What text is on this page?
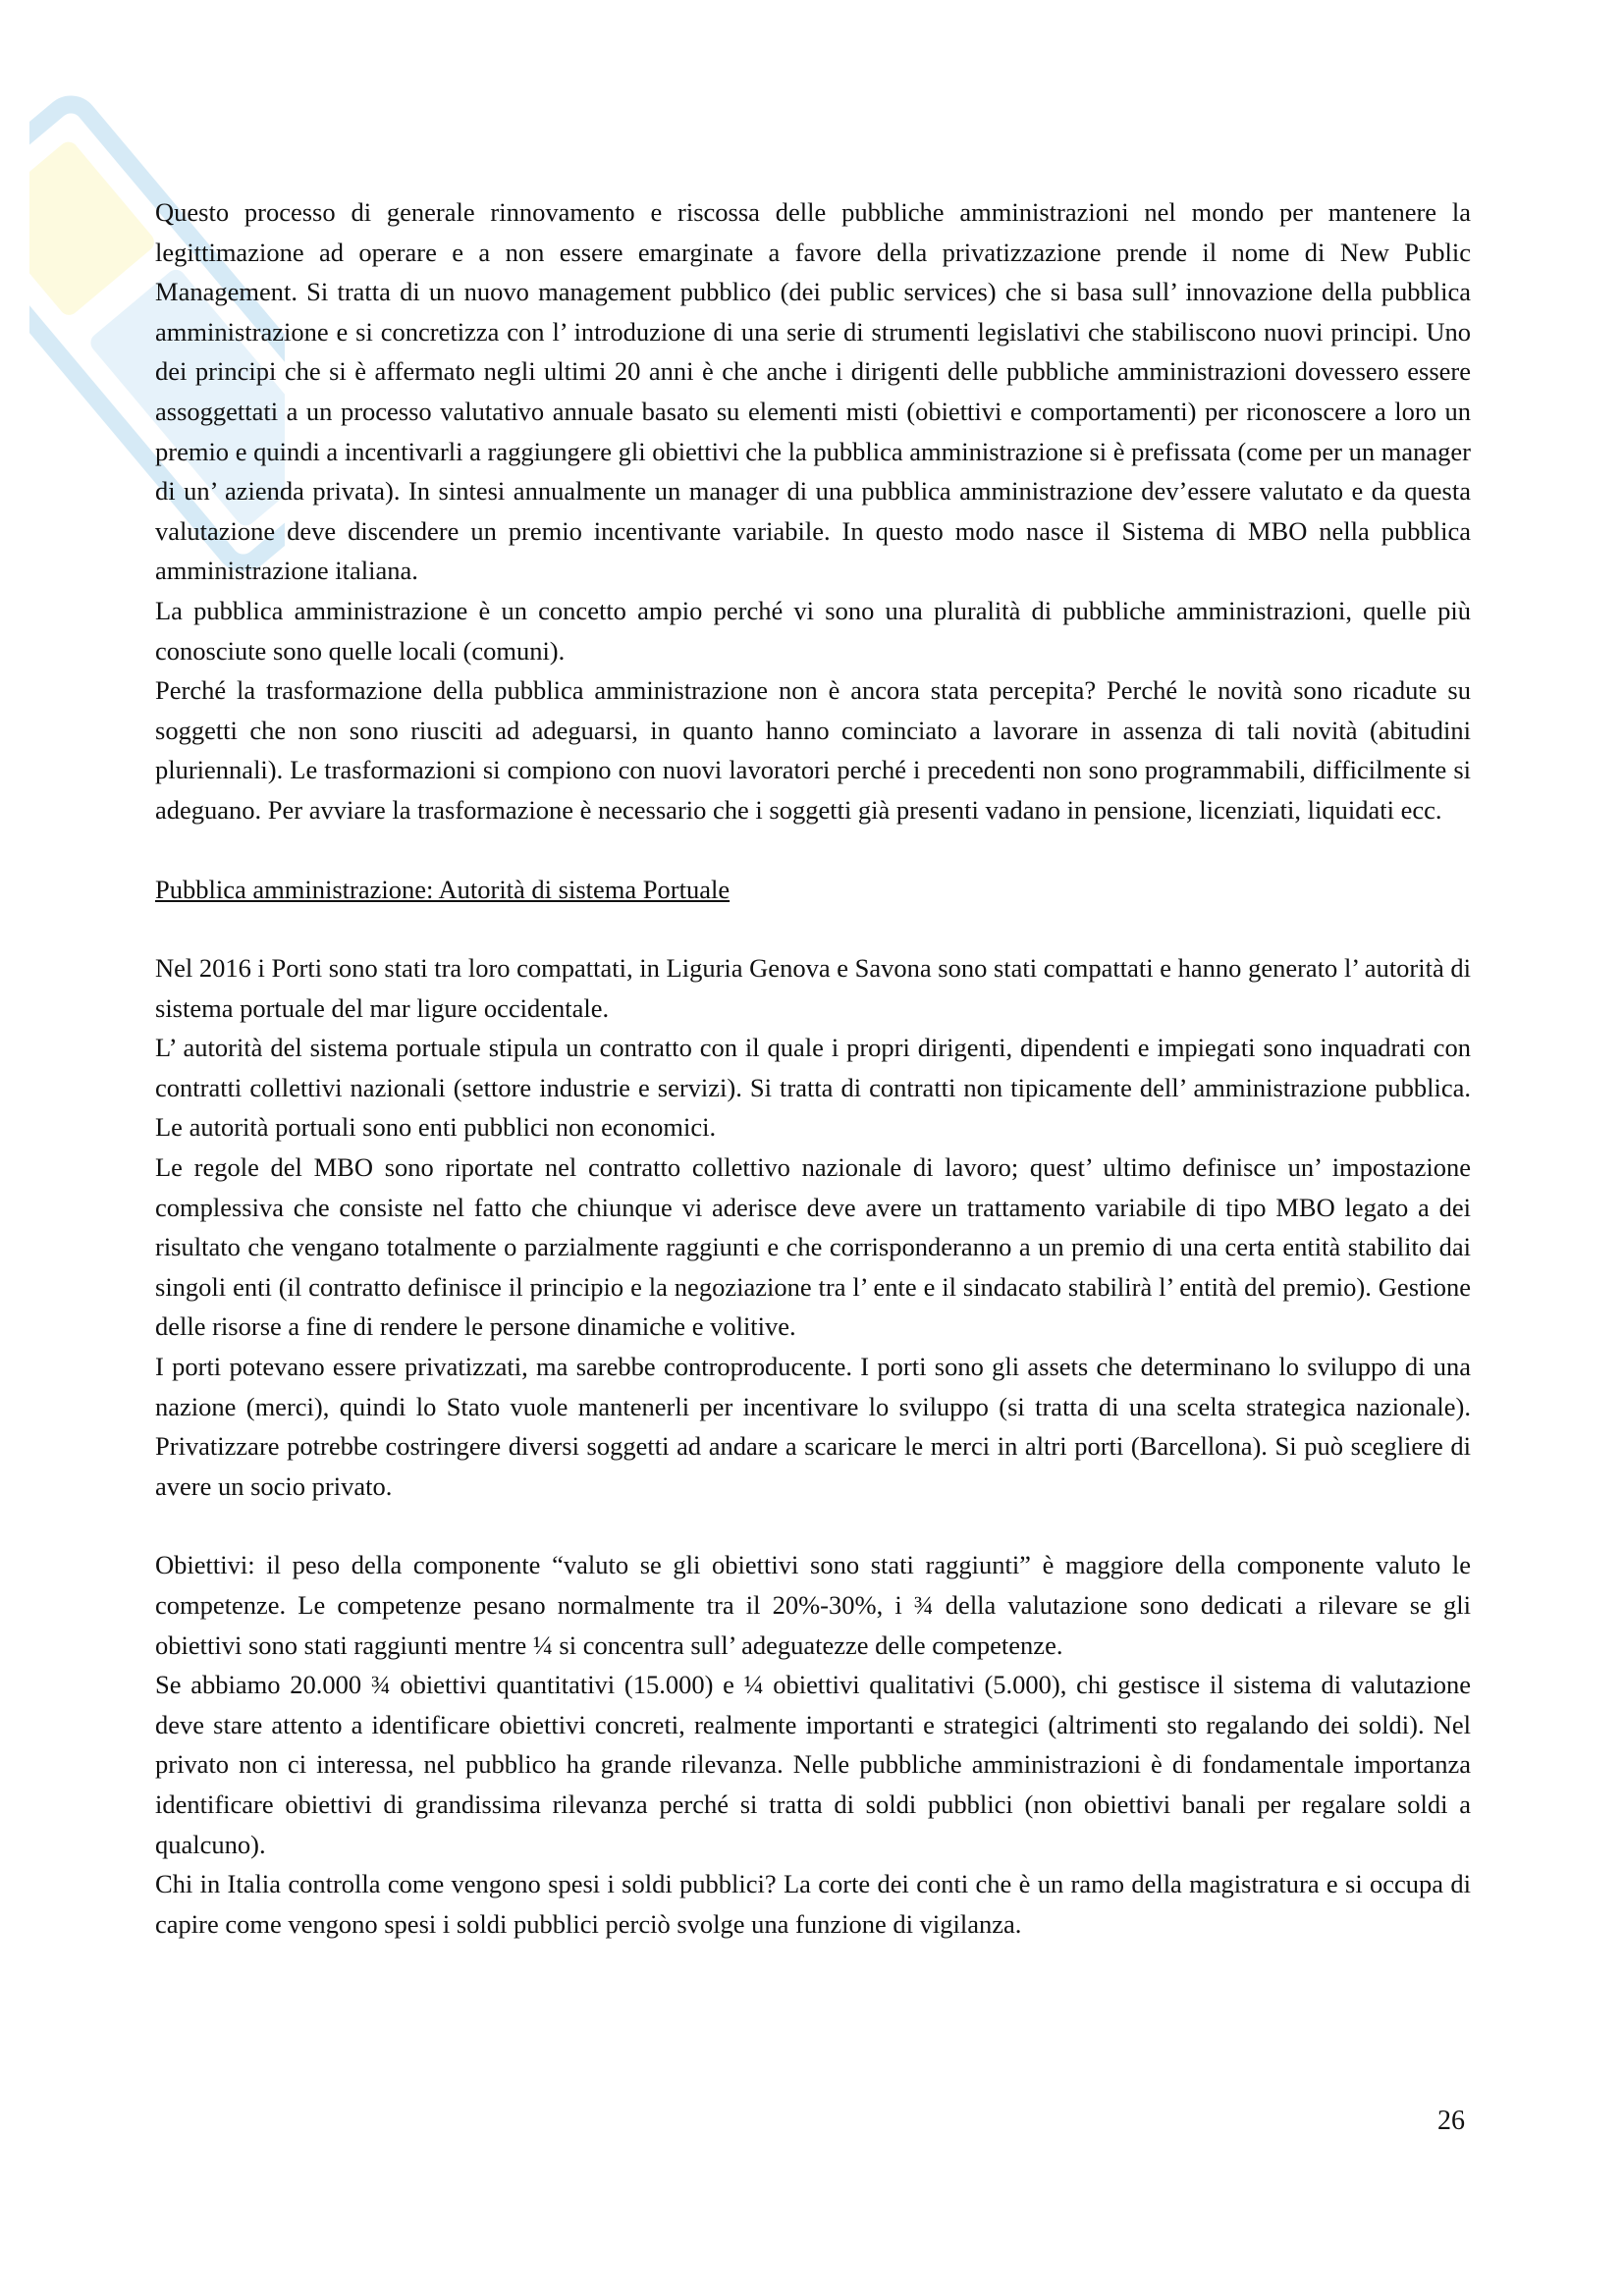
Questo processo di generale rinnovamento e riscossa delle pubbliche amministrazioni nel mondo per mantenere la legittimazione ad operare e a non essere emarginate a favore della privatizzazione prende il nome di New Public Management. Si tratta di un nuovo management pubblico (dei public services) che si basa sull’ innovazione della pubblica amministrazione e si concretizza con l’ introduzione di una serie di strumenti legislativi che stabiliscono nuovi principi. Uno dei principi che si è affermato negli ultimi 20 anni è che anche i dirigenti delle pubbliche amministrazioni dovessero essere assoggettati a un processo valutativo annuale basato su elementi misti (obiettivi e comportamenti) per riconoscere a loro un premio e quindi a incentivarli a raggiungere gli obiettivi che la pubblica amministrazione si è prefissata (come per un manager di un’ azienda privata). In sintesi annualmente un manager di una pubblica amministrazione dev’essere valutato e da questa valutazione deve discendere un premio incentivante variabile. In questo modo nasce il Sistema di MBO nella pubblica amministrazione italiana.

La pubblica amministrazione è un concetto ampio perché vi sono una pluralità di pubbliche amministrazioni, quelle più conosciute sono quelle locali (comuni).

Perché la trasformazione della pubblica amministrazione non è ancora stata percepita? Perché le novità sono ricadute su soggetti che non sono riusciti ad adeguarsi, in quanto hanno cominciato a lavorare in assenza di tali novità (abitudini pluriennali). Le trasformazioni si compiono con nuovi lavoratori perché i precedenti non sono programmabili, difficilmente si adeguano. Per avviare la trasformazione è necessario che i soggetti già presenti vadano in pensione, licenziati, liquidati ecc.

Pubblica amministrazione: Autorità di sistema Portuale

Nel 2016 i Porti sono stati tra loro compattati, in Liguria Genova e Savona sono stati compattati e hanno generato l’ autorità di sistema portuale del mar ligure occidentale.

L’ autorità del sistema portuale stipula un contratto con il quale i propri dirigenti, dipendenti e impiegati sono inquadrati con contratti collettivi nazionali (settore industrie e servizi). Si tratta di contratti non tipicamente dell’ amministrazione pubblica. Le autorità portuali sono enti pubblici non economici.

Le regole del MBO sono riportate nel contratto collettivo nazionale di lavoro; quest’ ultimo definisce un’ impostazione complessiva che consiste nel fatto che chiunque vi aderisce deve avere un trattamento variabile di tipo MBO legato a dei risultato che vengano totalmente o parzialmente raggiunti e che corrisponderanno a un premio di una certa entità stabilito dai singoli enti (il contratto definisce il principio e la negoziazione tra l’ ente e il sindacato stabilirà l’ entità del premio). Gestione delle risorse a fine di rendere le persone dinamiche e volitive.

I porti potevano essere privatizzati, ma sarebbe controproducente. I porti sono gli assets che determinano lo sviluppo di una nazione (merci), quindi lo Stato vuole mantenerli per incentivare lo sviluppo (si tratta di una scelta strategica nazionale). Privatizzare potrebbe costringere diversi soggetti ad andare a scaricare le merci in altri porti (Barcellona). Si può scegliere di avere un socio privato.

Obiettivi: il peso della componente “valuto se gli obiettivi sono stati raggiunti” è maggiore della componente valuto le competenze. Le competenze pesano normalmente tra il 20%-30%, i ¾ della valutazione sono dedicati a rilevare se gli obiettivi sono stati raggiunti mentre ¼ si concentra sull’ adeguatezze delle competenze.

Se abbiamo 20.000 ¾ obiettivi quantitativi (15.000) e ¼ obiettivi qualitativi (5.000), chi gestisce il sistema di valutazione deve stare attento a identificare obiettivi concreti, realmente importanti e strategici (altrimenti sto regalando dei soldi). Nel privato non ci interessa, nel pubblico ha grande rilevanza. Nelle pubbliche amministrazioni è di fondamentale importanza identificare obiettivi di grandissima rilevanza perché si tratta di soldi pubblici (non obiettivi banali per regalare soldi a qualcuno).

Chi in Italia controlla come vengono spesi i soldi pubblici? La corte dei conti che è un ramo della magistratura e si occupa di capire come vengono spesi i soldi pubblici perciò svolge una funzione di vigilanza.

26
